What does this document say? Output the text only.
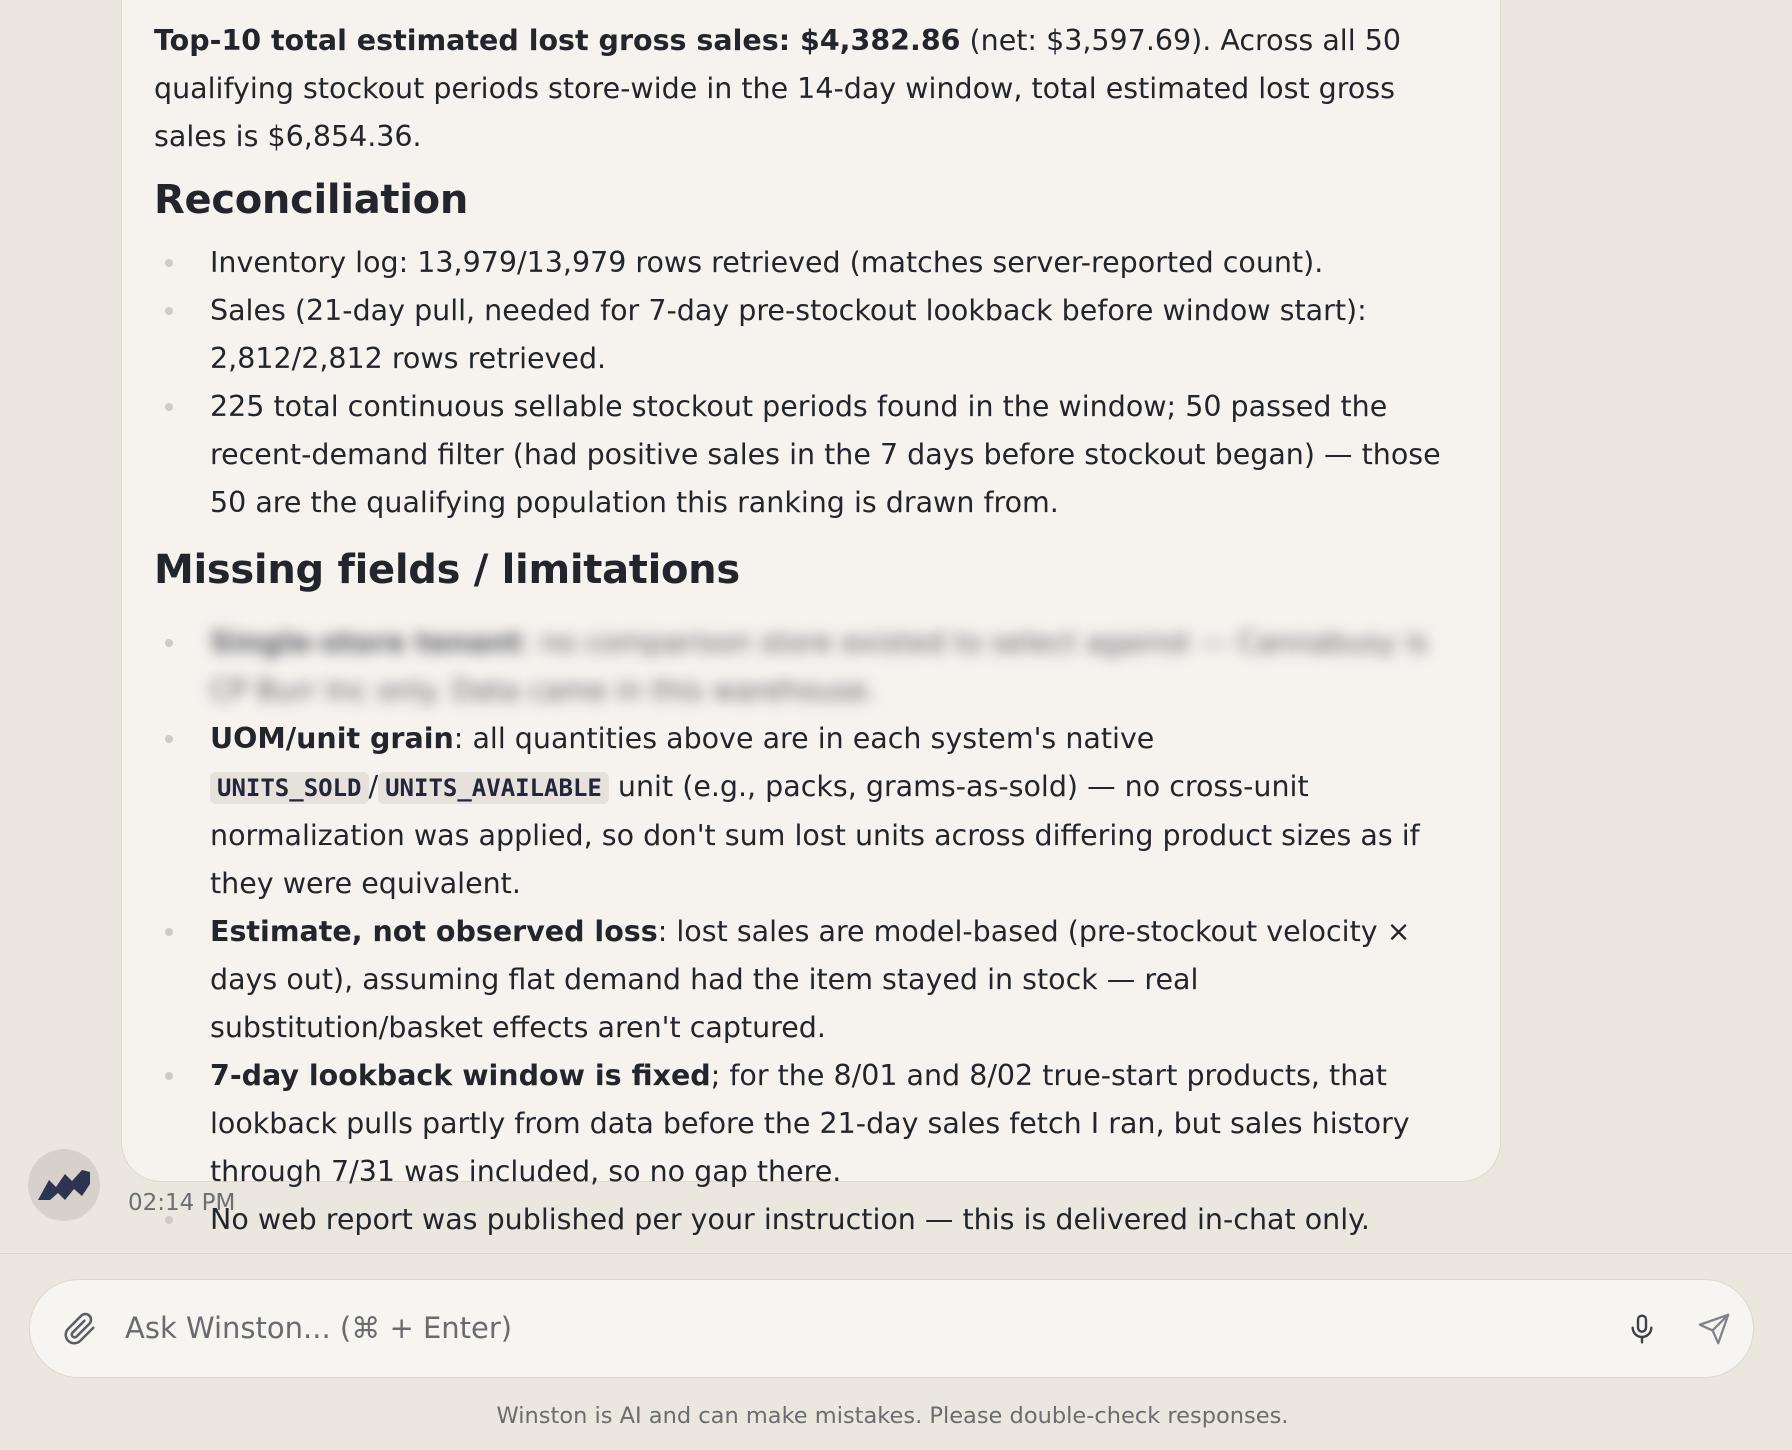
Top-10 total estimated lost gross sales: $4,382.86 (net: $3,597.69). Across all 50 qualifying stockout periods store-wide in the 14-day window, total estimated lost gross sales is $6,854.36.

Reconciliation
Inventory log: 13,979/13,979 rows retrieved (matches server-reported count).
Sales (21-day pull, needed for 7-day pre-stockout lookback before window start): 2,812/2,812 rows retrieved.
225 total continuous sellable stockout periods found in the window; 50 passed the recent-demand filter (had positive sales in the 7 days before stockout began) — those 50 are the qualifying population this ranking is drawn from.
Missing fields / limitations
Single-store tenant: no comparison store existed to select against — Cannabusy is CP Burr Inc only. Data came in this warehouse.
UOM/unit grain: all quantities above are in each system's native UNITS_SOLD / UNITS_AVAILABLE unit (e.g., packs, grams-as-sold) — no cross-unit normalization was applied, so don't sum lost units across differing product sizes as if they were equivalent.
Estimate, not observed loss: lost sales are model-based (pre-stockout velocity × days out), assuming flat demand had the item stayed in stock — real substitution/basket effects aren't captured.
7-day lookback window is fixed; for the 8/01 and 8/02 true-start products, that lookback pulls partly from data before the 21-day sales fetch I ran, but sales history through 7/31 was included, so no gap there.
No web report was published per your instruction — this is delivered in-chat only.
02:14 PM
Ask Winston... (⌘ + Enter)
Winston is AI and can make mistakes. Please double-check responses.
